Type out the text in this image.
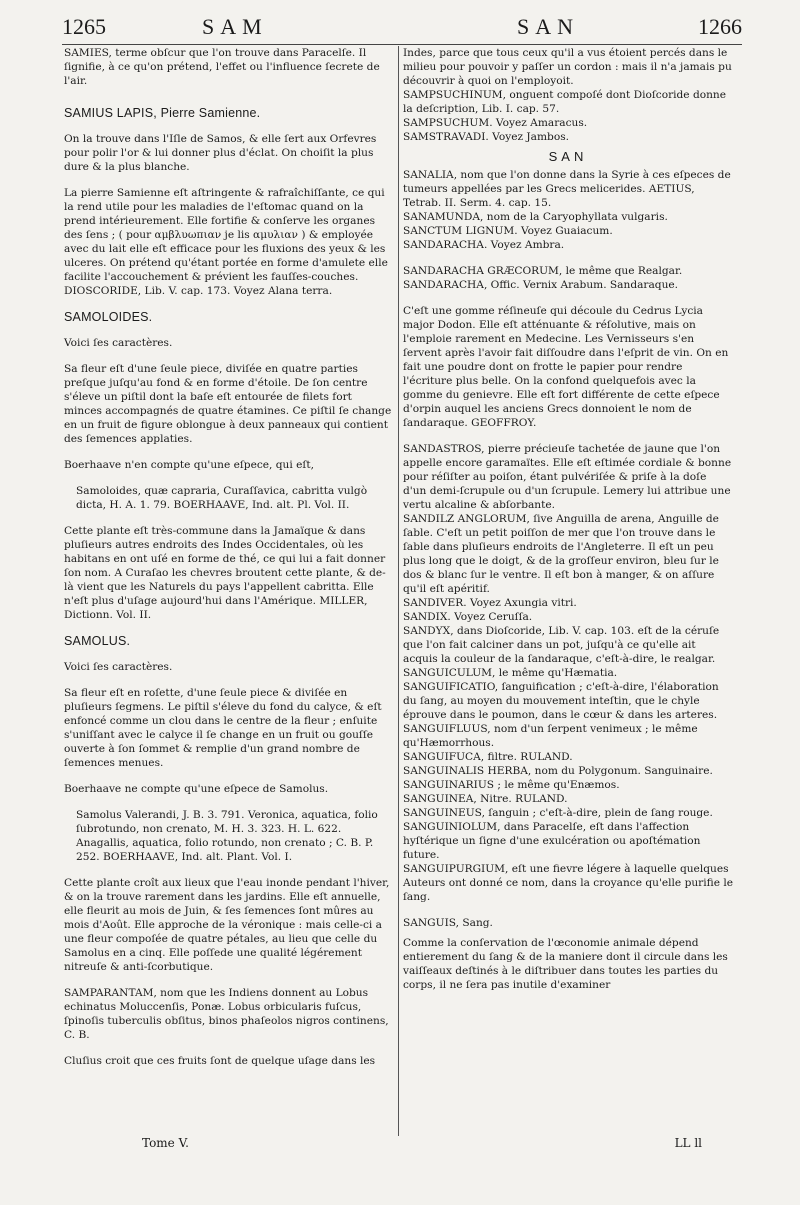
1265	SAM	SAN	1266

SAMIES, terme obſcur que l'on trouve dans Paracelſe. Il ſignifie, à ce qu'on prétend, l'effet ou l'influence ſecrete de l'air.

SAMIUS LAPIS, Pierre Samienne.

On la trouve dans l'Iſle de Samos, & elle ſert aux Orfevres pour polir l'or & lui donner plus d'éclat. On choiſit la plus dure & la plus blanche.

La pierre Samienne eſt aſtringente & rafraîchiſſante, ce qui la rend utile pour les maladies de l'eſtomac quand on la prend intérieurement. Elle fortifie & conſerve les organes des ſens ; ( pour αμβλυωπιαν je lis αμυλιαν ) & employée avec du lait elle eſt efficace pour les fluxions des yeux & les ulceres. On prétend qu'étant portée en forme d'amulete elle facilite l'accouchement & prévient les fauſſes-couches. DIOSCORIDE, Lib. V. cap. 173. Voyez Alana terra.

SAMOLOIDES.

Voici ſes caractères.

Sa fleur eſt d'une ſeule piece, diviſée en quatre parties preſque juſqu'au fond & en forme d'étoile. De ſon centre s'éleve un piſtil dont la baſe eſt entourée de filets fort minces accompagnés de quatre étamines. Ce piſtil ſe change en un fruit de figure oblongue à deux panneaux qui contient des ſemences applaties.

Boerhaave n'en compte qu'une eſpece, qui eſt,

Samoloides, quæ capraria, Curaſſavica, cabritta vulgò dicta, H. A. 1. 79. BOERHAAVE, Ind. alt. Pl. Vol. II.

Cette plante eſt très-commune dans la Jamaïque & dans pluſieurs autres endroits des Indes Occidentales, où les habitans en ont uſé en forme de thé, ce qui lui a fait donner ſon nom. A Curaſao les chevres broutent cette plante, & de-là vient que les Naturels du pays l'appellent cabritta. Elle n'eſt plus d'uſage aujourd'hui dans l'Amérique. MILLER, Dictionn. Vol. II.

SAMOLUS.

Voici ſes caractères.

Sa fleur eſt en roſette, d'une ſeule piece & diviſée en pluſieurs ſegmens. Le piſtil s'éleve du fond du calyce, & eſt enfoncé comme un clou dans le centre de la fleur ; enſuite s'uniſſant avec le calyce il ſe change en un fruit ou gouſſe ouverte à ſon ſommet & remplie d'un grand nombre de ſemences menues.

Boerhaave ne compte qu'une eſpece de Samolus.

Samolus Valerandi, J. B. 3. 791. Veronica, aquatica, folio ſubrotundo, non crenato, M. H. 3. 323. H. L. 622. Anagallis, aquatica, folio rotundo, non crenato ; C. B. P. 252. BOERHAAVE, Ind. alt. Plant. Vol. I.

Cette plante croît aux lieux que l'eau inonde pendant l'hiver, & on la trouve rarement dans les jardins. Elle eſt annuelle, elle fleurit au mois de Juin, & ſes ſemences ſont mûres au mois d'Août. Elle approche de la véronique : mais celle-ci a une fleur compoſée de quatre pétales, au lieu que celle du Samolus en a cinq. Elle poſſede une qualité légérement nitreuſe & anti-ſcorbutique.

SAMPARANTAM, nom que les Indiens donnent au Lobus echinatus Moluccenſis, Ponæ. Lobus orbicularis fuſcus, ſpinoſis tuberculis obſitus, binos phaſeolos nigros continens, C. B.

Cluſius croit que ces fruits ſont de quelque uſage dans les

Indes, parce que tous ceux qu'il a vus étoient percés dans le milieu pour pouvoir y paſſer un cordon : mais il n'a jamais pu découvrir à quoi on l'employoit.

SAMPSUCHINUM, onguent compoſé dont Dioſcoride donne la deſcription, Lib. I. cap. 57.

SAMPSUCHUM. Voyez Amaracus.

SAMSTRAVADI. Voyez Jambos.

SAN

SANALIA, nom que l'on donne dans la Syrie à ces eſpeces de tumeurs appellées par les Grecs melicerides. AETIUS, Tetrab. II. Serm. 4. cap. 15.

SANAMUNDA, nom de la Caryophyllata vulgaris.

SANCTUM LIGNUM. Voyez Guaiacum.

SANDARACHA. Voyez Ambra.

SANDARACHA GRÆCORUM, le même que Realgar.

SANDARACHA, Offic. Vernix Arabum. Sandaraque.

C'eſt une gomme réſineuſe qui découle du Cedrus Lycia major Dodon. Elle eſt atténuante & réſolutive, mais on l'emploie rarement en Medecine. Les Vernisseurs s'en ſervent après l'avoir fait diſſoudre dans l'eſprit de vin. On en fait une poudre dont on frotte le papier pour rendre l'écriture plus belle. On la confond quelquefois avec la gomme du genievre. Elle eſt fort différente de cette eſpece d'orpin auquel les anciens Grecs donnoient le nom de ſandaraque. GEOFFROY.

SANDASTROS, pierre précieuſe tachetée de jaune que l'on appelle encore garamaïtes. Elle eſt eſtimée cordiale & bonne pour réſiſter au poiſon, étant pulvériſée & priſe à la doſe d'un demi-ſcrupule ou d'un ſcrupule. Lemery lui attribue une vertu alcaline & abſorbante.

SANDILZ ANGLORUM, ſive Anguilla de arena, Anguille de ſable. C'eſt un petit poiſſon de mer que l'on trouve dans le ſable dans pluſieurs endroits de l'Angleterre. Il eſt un peu plus long que le doigt, & de la groſſeur environ, bleu ſur le dos & blanc ſur le ventre. Il eſt bon à manger, & on aſſure qu'il eſt apéritif.

SANDIVER. Voyez Axungia vitri.

SANDIX. Voyez Ceruſſa.

SANDYX, dans Dioſcoride, Lib. V. cap. 103. eſt de la céruſe que l'on fait calciner dans un pot, juſqu'à ce qu'elle ait acquis la couleur de la ſandaraque, c'eſt-à-dire, le realgar.

SANGUICULUM, le même qu'Hæmatia.

SANGUIFICATIO, ſanguification ; c'eſt-à-dire, l'élaboration du ſang, au moyen du mouvement inteſtin, que le chyle éprouve dans le poumon, dans le cœur & dans les arteres.

SANGUIFLUUS, nom d'un ſerpent venimeux ; le même qu'Hæmorrhous.

SANGUIFUCA, filtre. RULAND.

SANGUINALIS HERBA, nom du Polygonum. Sanguinaire.

SANGUINARIUS ; le même qu'Enæmos.

SANGUINEA, Nitre. RULAND.

SANGUINEUS, ſanguin ; c'eſt-à-dire, plein de ſang rouge.

SANGUINIOLUM, dans Paracelſe, eſt dans l'affection hyſtérique un ſigne d'une exulcération ou apoſtémation future.

SANGUIPURGIUM, eſt une fievre légere à laquelle quelques Auteurs ont donné ce nom, dans la croyance qu'elle purifie le ſang.

SANGUIS, Sang.

Comme la conſervation de l'œconomie animale dépend entierement du ſang & de la maniere dont il circule dans les vaiſſeaux deſtinés à le diſtribuer dans toutes les parties du corps, il ne ſera pas inutile d'examiner

Tome V.	LL ll
